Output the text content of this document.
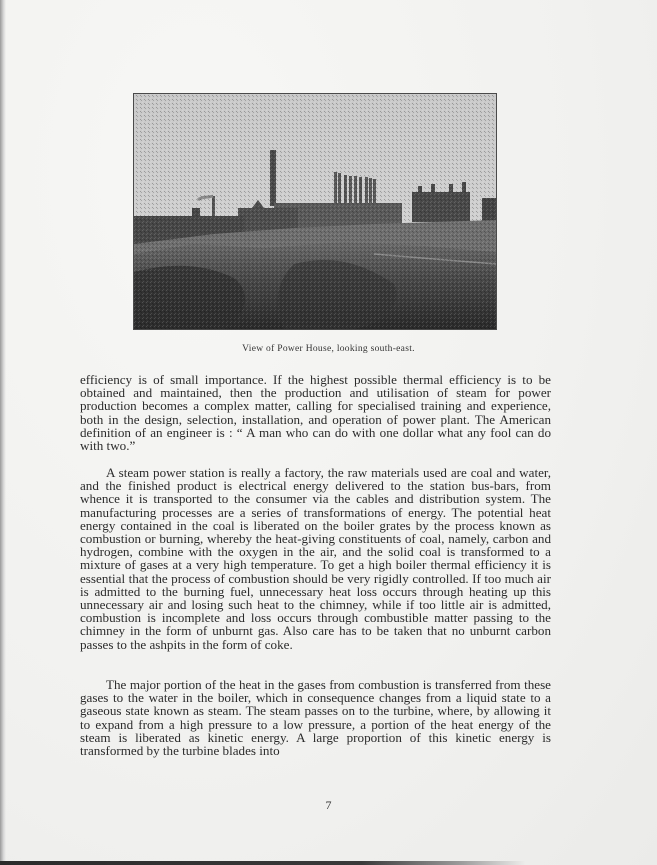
View of Power House, looking south-east.

efficiency is of small importance. If the highest possible thermal efficiency is to be obtained and maintained, then the production and utilisation of steam for power production becomes a complex matter, calling for specialised training and experience, both in the design, selection, installation, and operation of power plant. The American definition of an engineer is : “ A man who can do with one dollar what any fool can do with two.”

A steam power station is really a factory, the raw materials used are coal and water, and the finished product is electrical energy delivered to the station bus-bars, from whence it is transported to the consumer via the cables and distribution system. The manufacturing processes are a series of transformations of energy. The potential heat energy contained in the coal is liberated on the boiler grates by the process known as combustion or burning, whereby the heat-giving constituents of coal, namely, carbon and hydrogen, combine with the oxygen in the air, and the solid coal is transformed to a mixture of gases at a very high temperature. To get a high boiler thermal efficiency it is essential that the process of combustion should be very rigidly controlled. If too much air is admitted to the burning fuel, unnecessary heat loss occurs through heating up this unnecessary air and losing such heat to the chimney, while if too little air is admitted, combustion is incomplete and loss occurs through combustible matter passing to the chimney in the form of unburnt gas. Also care has to be taken that no unburnt carbon passes to the ashpits in the form of coke.

The major portion of the heat in the gases from combustion is transferred from these gases to the water in the boiler, which in consequence changes from a liquid state to a gaseous state known as steam. The steam passes on to the turbine, where, by allowing it to expand from a high pressure to a low pressure, a portion of the heat energy of the steam is liberated as kinetic energy. A large proportion of this kinetic energy is transformed by the turbine blades into

7
